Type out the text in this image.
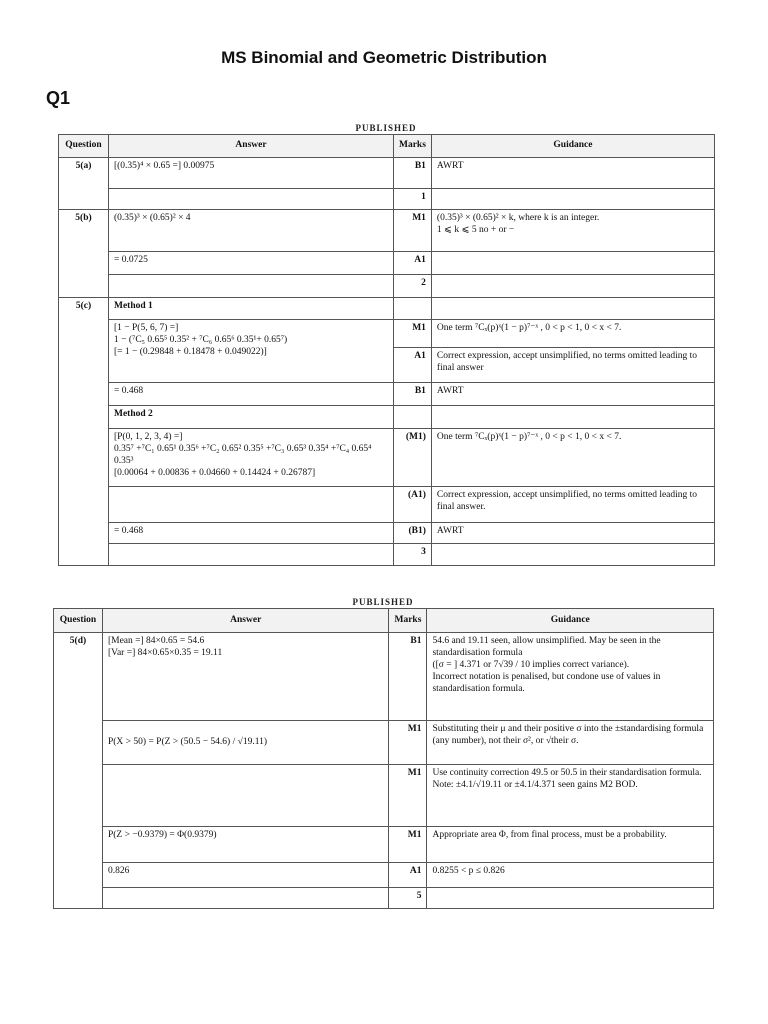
MS Binomial and Geometric Distribution
Q1
PUBLISHED
Question	Answer	Marks	Guidance
5(a)	[(0.35)⁴ × 0.65 =] 0.00975	B1	AWRT
		1	
5(b)	(0.35)³ × (0.65)² × 4	M1	(0.35)³ × (0.65)² × k, where k is an integer.
1 ⩽ k ⩽ 5 no + or −

	= 0.0725	A1	
		2	
5(c)	Method 1		

	[1 − P(5, 6, 7) =]
1 − (⁷C₅ 0.65⁵ 0.35² + ⁷C₆ 0.65⁶ 0.35¹+ 0.65⁷)
[= 1 − (0.29848 + 0.18478 + 0.049022)]	M1	One term ⁷Cₓ(p)ˣ(1 − p)⁷⁻ˣ , 0 < p < 1, 0 < x < 7.
		A1	Correct expression, accept unsimplified, no terms omitted leading to final answer
	= 0.468	B1	AWRT
	Method 2		

	[P(0, 1, 2, 3, 4) =]
0.35⁷ +⁷C₁ 0.65¹ 0.35⁶ +⁷C₂ 0.65² 0.35⁵ +⁷C₃ 0.65³ 0.35⁴ +⁷C₄ 0.65⁴
0.35³
[0.00064 + 0.00836 + 0.04660 + 0.14424 + 0.26787]	(M1)	One term ⁷Cₓ(p)ˣ(1 − p)⁷⁻ˣ , 0 < p < 1, 0 < x < 7.
		(A1)	Correct expression, accept unsimplified, no terms omitted leading to final answer.
	= 0.468	(B1)	AWRT
		3	
PUBLISHED
Question	Answer	Marks	Guidance
5(d)	[Mean =] 84×0.65 = 54.6
[Var =] 84×0.65×0.35 = 19.11	B1	54.6 and 19.11 seen, allow unsimplified. May be seen in the standardisation formula
([σ = ] 4.371 or 7√39 / 10 implies correct variance).
Incorrect notation is penalised, but condone use of values in standardisation formula.

	P(X > 50) = P(Z > (50.5 − 54.6) / √19.11)	M1	Substituting their μ and their positive σ into the ±standardising formula (any number), not their σ², or √their σ.
		M1	Use continuity correction 49.5 or 50.5 in their standardisation formula.
Note: ±4.1/√19.11 or ±4.1/4.371 seen gains M2 BOD.

	P(Z > −0.9379) = Φ(0.9379)	M1	Appropriate area Φ, from final process, must be a probability.
	0.826	A1	0.8255 < p ≤ 0.826
		5	
